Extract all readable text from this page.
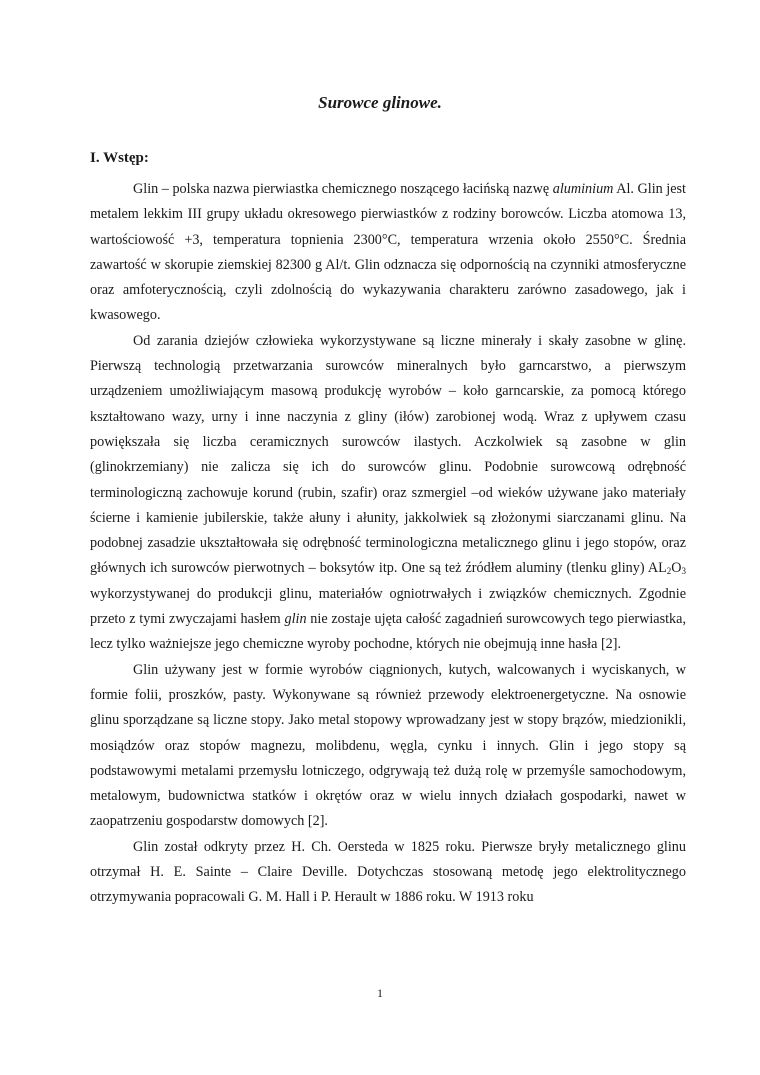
Surowce glinowe.
I. Wstęp:

Glin – polska nazwa pierwiastka chemicznego noszącego łacińską nazwę aluminium Al. Glin jest metalem lekkim III grupy układu okresowego pierwiastków z rodziny borowców. Liczba atomowa 13, wartościowość +3, temperatura topnienia 2300°C, temperatura wrzenia około 2550°C. Średnia zawartość w skorupie ziemskiej 82300 g Al/t. Glin odznacza się odpornością na czynniki atmosferyczne oraz amfoterycznością, czyli zdolnością do wykazywania charakteru zarówno zasadowego, jak i kwasowego.

Od zarania dziejów człowieka wykorzystywane są liczne minerały i skały zasobne w glinę. Pierwszą technologią przetwarzania surowców mineralnych było garncarstwo, a pierwszym urządzeniem umożliwiającym masową produkcję wyrobów – koło garncarskie, za pomocą którego kształtowano wazy, urny i inne naczynia z gliny (iłów) zarobionej wodą. Wraz z upływem czasu powiększała się liczba ceramicznych surowców ilastych. Aczkolwiek są zasobne w glin (glinokrzemiany) nie zalicza się ich do surowców glinu. Podobnie surowcową odrębność terminologiczną zachowuje korund (rubin, szafir) oraz szmergiel –od wieków używane jako materiały ścierne i kamienie jubilerskie, także ałuny i ałunity, jakkolwiek są złożonymi siarczanami glinu. Na podobnej zasadzie ukształtowała się odrębność terminologiczna metalicznego glinu i jego stopów, oraz głównych ich surowców pierwotnych – boksytów itp. One są też źródłem aluminy (tlenku gliny) $AL_2O_3$ wykorzystywanej do produkcji glinu, materiałów ogniotrwałych i związków chemicznych. Zgodnie przeto z tymi zwyczajami hasłem glin nie zostaje ujęta całość zagadnień surowcowych tego pierwiastka, lecz tylko ważniejsze jego chemiczne wyroby pochodne, których nie obejmują inne hasła [2].

Glin używany jest w formie wyrobów ciągnionych, kutych, walcowanych i wyciskanych, w formie folii, proszków, pasty. Wykonywane są również przewody elektroenergetyczne. Na osnowie glinu sporządzane są liczne stopy. Jako metal stopowy wprowadzany jest w stopy brązów, miedzionikli, mosiądzów oraz stopów magnezu, molibdenu, węgla, cynku i innych. Glin i jego stopy są podstawowymi metalami przemysłu lotniczego, odgrywają też dużą rolę w przemyśle samochodowym, metalowym, budownictwa statków i okrętów oraz w wielu innych działach gospodarki, nawet w zaopatrzeniu gospodarstw domowych [2].

Glin został odkryty przez H. Ch. Oersteda w 1825 roku. Pierwsze bryły metalicznego glinu otrzymał H. E. Sainte – Claire Deville. Dotychczas stosowaną metodę jego elektrolitycznego otrzymywania popracowali G. M. Hall i P. Herault w 1886 roku. W 1913 roku

1
